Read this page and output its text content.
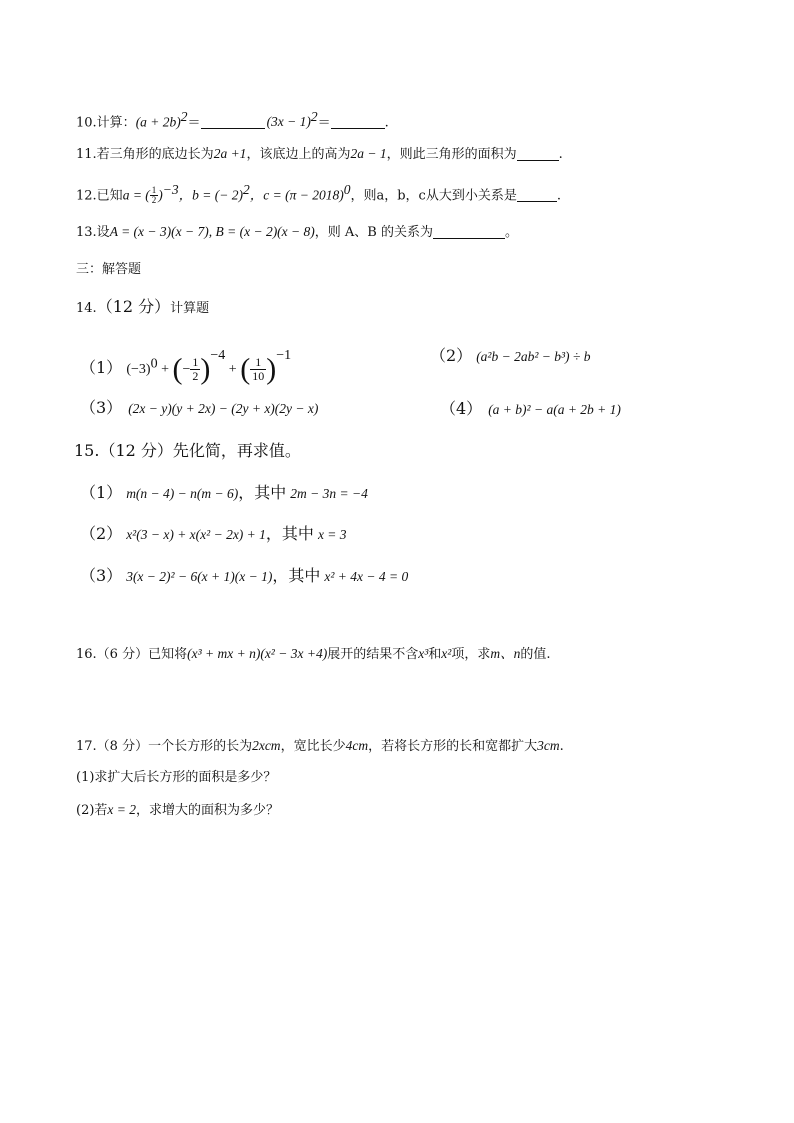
10.计算：$(a + 2b)^2=$	$(3x - 1)^2=$	.
11.若三角形的底边长为2a +1，该底边上的高为2a − 1，则此三角形的面积为	.
12.已知a = ( $\frac{1}{2} )^{-3}$，b = (− 2)$^2$，$c = (\pi - 2018)^0$，则a，b，c从大到小关系是	.
13.设A = (x − 3)(x − 7), B = (x − 2)(x − 8)，则 A、B 的关系为	。
三：解答题
14.（12 分）计算题
（1） $(-3)^0$ + (− $\frac{1}{2} )^{-4}$ + ( $\frac{1}{10} )^{-1}$	（2） (a²b − 2ab² − b³) ÷ b
（3） (2x − y)(y + 2x) − (2y + x)(2y − x)	（4） (a + b)² − a(a + 2b + 1)
15.（12 分）先化简，再求值。
（1） m(n − 4) − n(m − 6)，其中 2m − 3n = −4
（2） x²(3 − x) + x(x² − 2x) + 1，其中 x = 3
（3） 3(x − 2)² − 6(x + 1)(x − 1)，其中 x² + 4x − 4 = 0
16.（6 分）已知将(x³ + mx + n)(x² − 3x +4)展开的结果不含x³和x²项，求m、n的值.
17.（8 分）一个长方形的长为2xcm，宽比长少4cm，若将长方形的长和宽都扩大3cm.
(1)求扩大后长方形的面积是多少？
(2)若x = 2，求增大的面积为多少？
